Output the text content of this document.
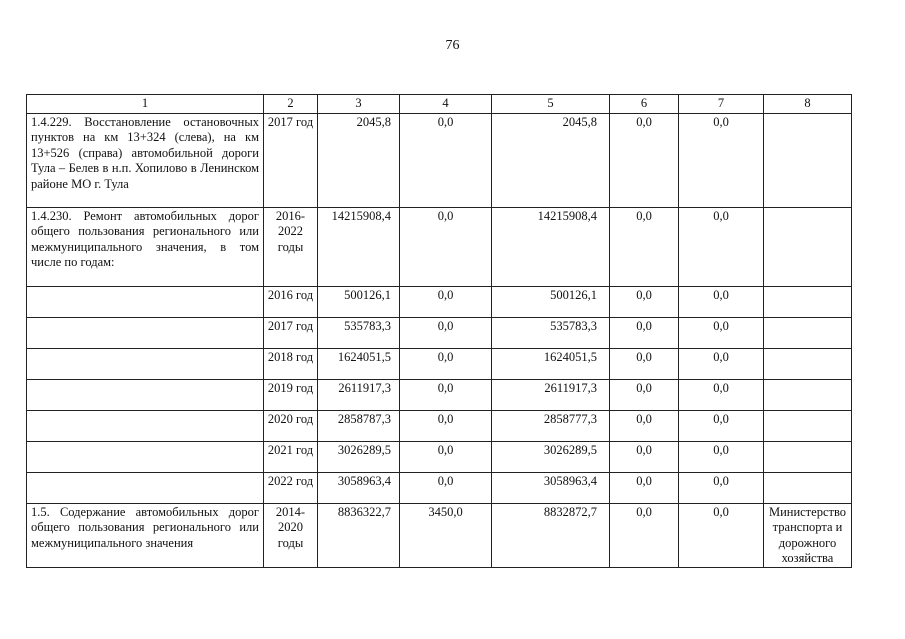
76
1	2	3	4	5	6	7	8
1.4.229. Восстановление остановочных пунктов на км 13+324 (слева), на км 13+526 (справа) автомобильной дороги Тула – Белев в н.п. Хопилово в Ленинском районе МО г. Тула	2017 год	2045,8	0,0	2045,8	0,0	0,0	
1.4.230. Ремонт автомобильных дорог общего пользования регионального или межмуниципального значения, в том числе по годам:	2016-2022 годы	14215908,4	0,0	14215908,4	0,0	0,0	
	2016 год	500126,1	0,0	500126,1	0,0	0,0	
	2017 год	535783,3	0,0	535783,3	0,0	0,0	
	2018 год	1624051,5	0,0	1624051,5	0,0	0,0	
	2019 год	2611917,3	0,0	2611917,3	0,0	0,0	
	2020 год	2858787,3	0,0	2858777,3	0,0	0,0	
	2021 год	3026289,5	0,0	3026289,5	0,0	0,0	
	2022 год	3058963,4	0,0	3058963,4	0,0	0,0	
1.5. Содержание автомобильных дорог общего пользования регионального или межмуниципального значения	2014-2020 годы	8836322,7	3450,0	8832872,7	0,0	0,0	Министерство транспорта и дорожного хозяйства
